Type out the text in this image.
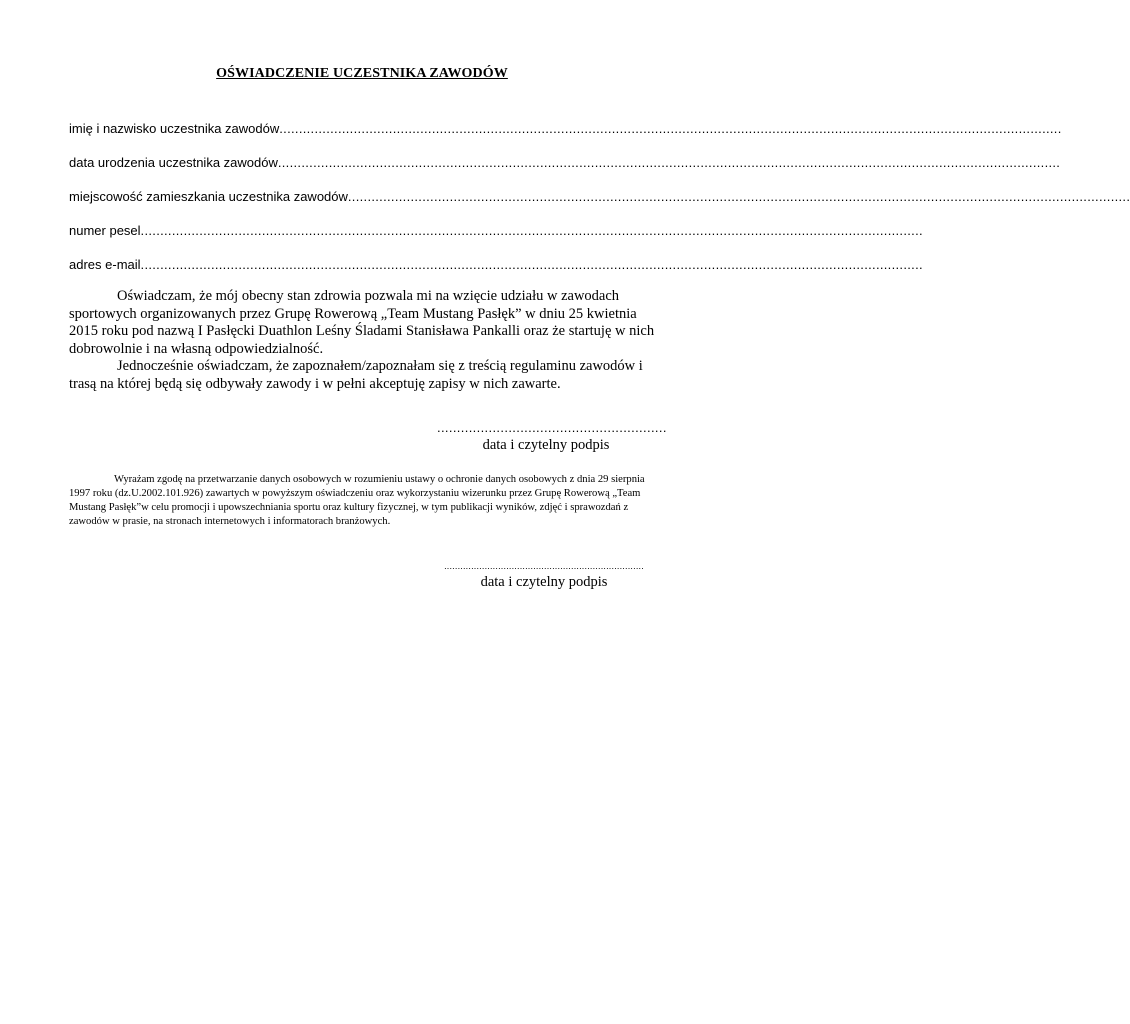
OŚWIADCZENIE UCZESTNIKA ZAWODÓW
imię i nazwisko uczestnika zawodów ........................................................................................................................................................................................................
data urodzenia uczestnika zawodów ........................................................................................................................................................................................................
miejscowość zamieszkania uczestnika zawodów ........................................................................................................................................................................................................
numer pesel ........................................................................................................................................................................................................
adres e-mail ........................................................................................................................................................................................................

Oświadczam, że mój obecny stan zdrowia pozwala mi na wzięcie udziału w zawodach sportowych organizowanych przez Grupę Rowerową „Team Mustang Pasłęk” w dniu 25 kwietnia 2015 roku pod nazwą I Pasłęcki Duathlon Leśny Śladami Stanisława Pankalli oraz że startuję w nich dobrowolnie i na własną odpowiedzialność.

Jednocześnie oświadczam, że zapoznałem/zapoznałam się z treścią regulaminu zawodów i trasą na której będą się odbywały zawody i w pełni akceptuję zapisy w nich zawarte.

..........................................................
data i czytelny podpis

Wyrażam zgodę na przetwarzanie danych osobowych w rozumieniu ustawy o ochronie danych osobowych z dnia 29 sierpnia 1997 roku (dz.U.2002.101.926) zawartych w powyższym oświadczeniu oraz wykorzystaniu wizerunku przez Grupę Rowerową „Team Mustang Pasłęk”w celu promocji i upowszechniania sportu oraz kultury fizycznej, w tym publikacji wyników, zdjęć i sprawozdań z zawodów w prasie, na stronach internetowych i informatorach branżowych.

..........................................................................
data i czytelny podpis
